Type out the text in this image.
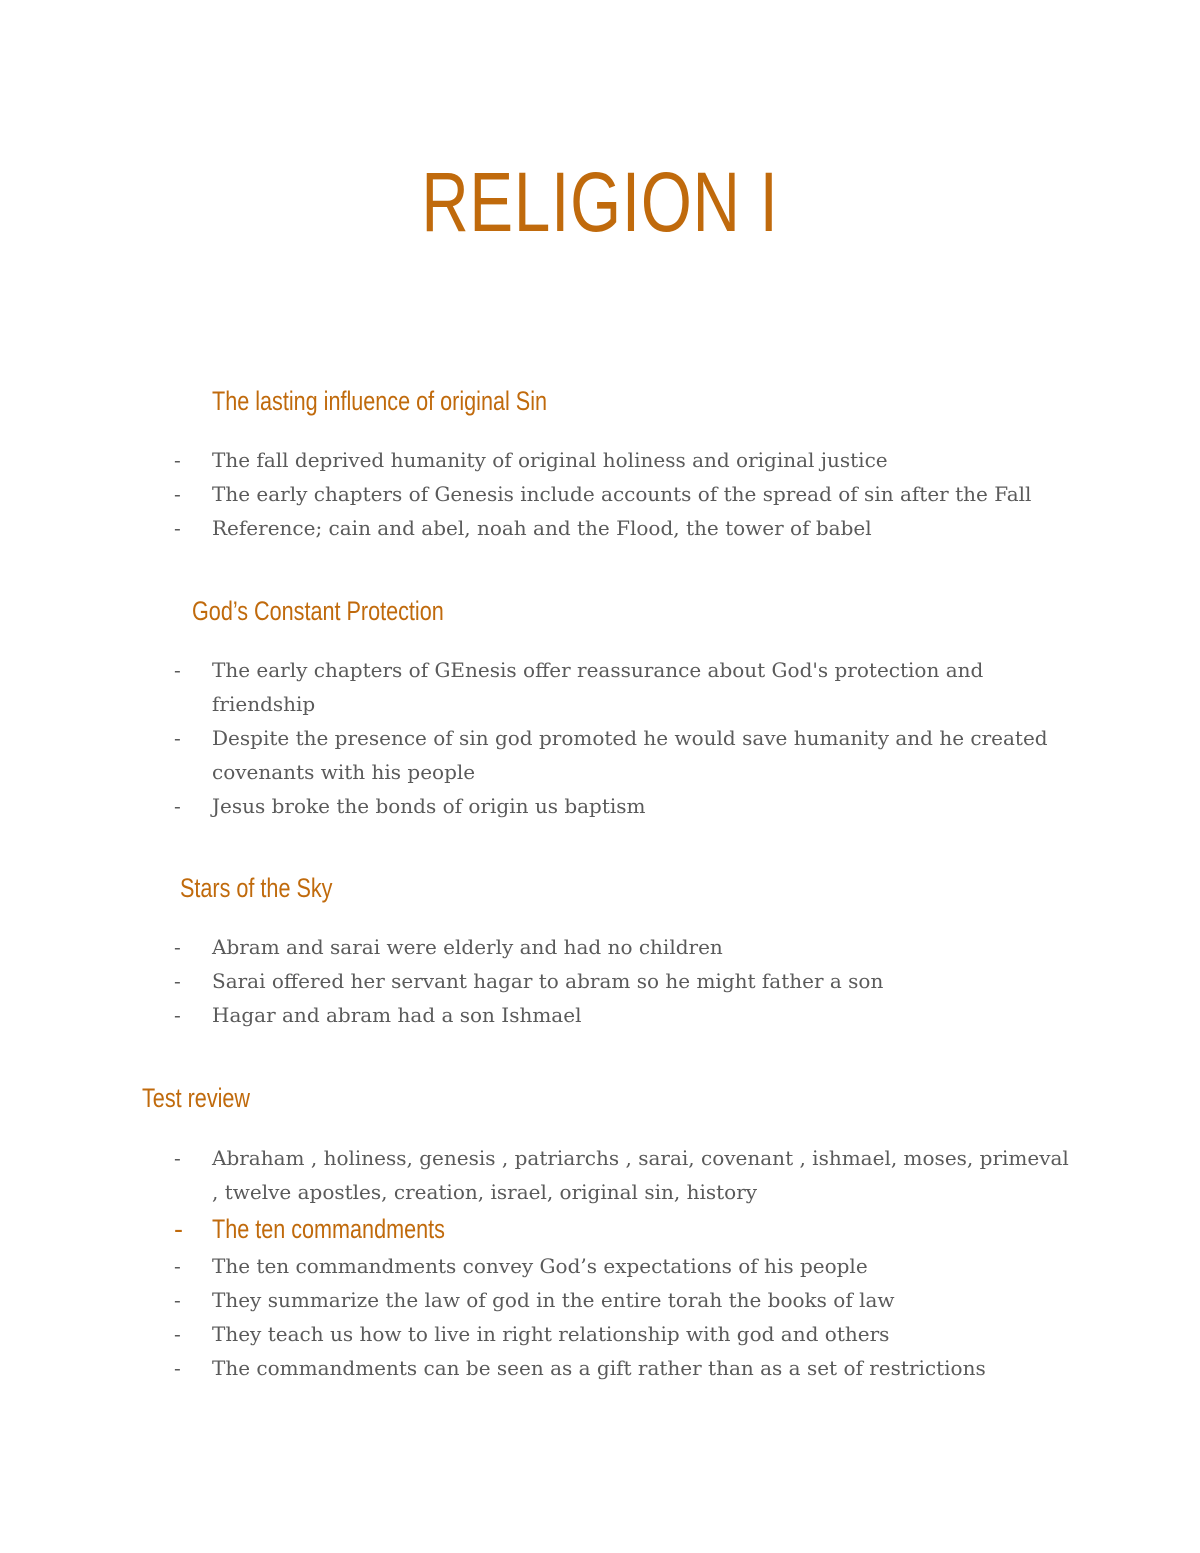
RELIGION I
The lasting influence of original Sin
- The fall deprived humanity of original holiness and original justice
- The early chapters of Genesis include accounts of the spread of sin after the Fall
- Reference; cain and abel, noah and the Flood, the tower of babel
God’s Constant Protection
- The early chapters of GEnesis offer reassurance about God's protection and friendship
- Despite the presence of sin god promoted he would save humanity and he created covenants with his people
- Jesus broke the bonds of origin us baptism
Stars of the Sky
- Abram and sarai were elderly and had no children
- Sarai offered her servant hagar to abram so he might father a son
- Hagar and abram had a son Ishmael
Test review
- Abraham , holiness, genesis , patriarchs , sarai, covenant , ishmael, moses, primeval , twelve apostles, creation, israel, original sin, history
- The ten commandments
- The ten commandments convey God’s expectations of his people
- They summarize the law of god in the entire torah the books of law
- They teach us how to live in right relationship with god and others
- The commandments can be seen as a gift rather than as a set of restrictions
